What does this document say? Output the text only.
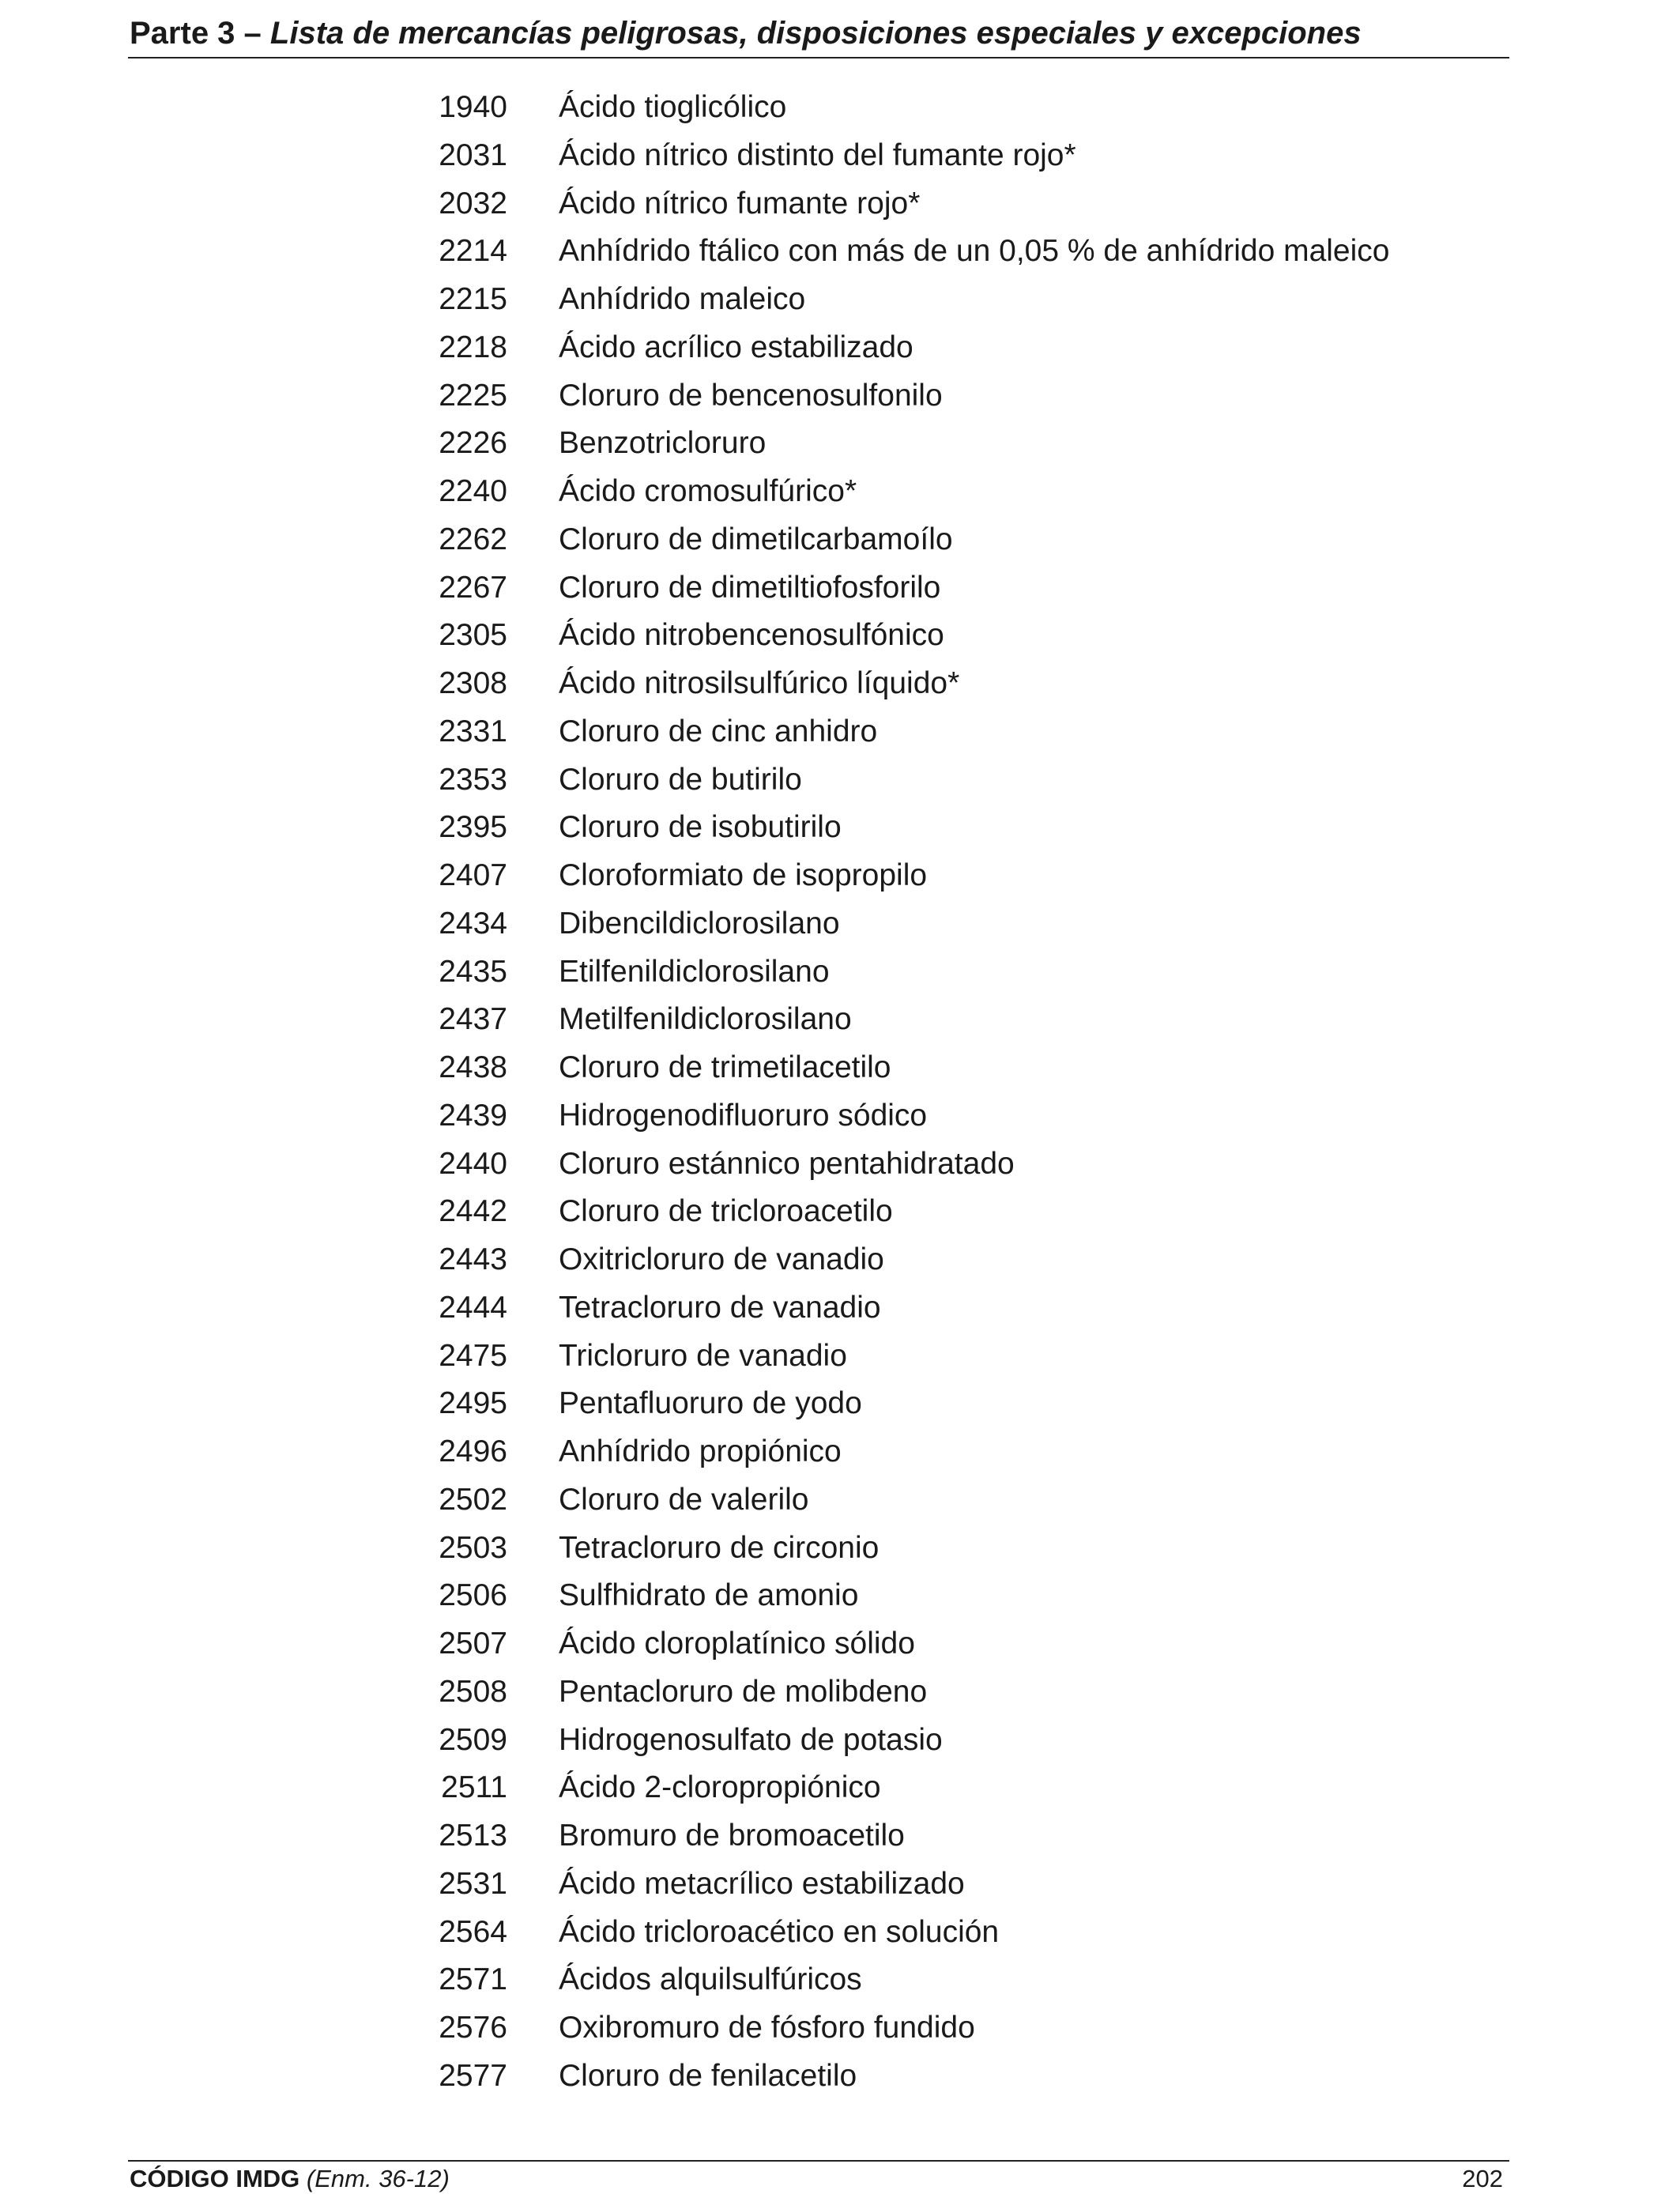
Parte 3 – Lista de mercancías peligrosas, disposiciones especiales y excepciones
1940 Ácido tioglicólico
2031 Ácido nítrico distinto del fumante rojo*
2032 Ácido nítrico fumante rojo*
2214 Anhídrido ftálico con más de un 0,05 % de anhídrido maleico
2215 Anhídrido maleico
2218 Ácido acrílico estabilizado
2225 Cloruro de bencenosulfonilo
2226 Benzotricloruro
2240 Ácido cromosulfúrico*
2262 Cloruro de dimetilcarbamoílo
2267 Cloruro de dimetiltiofosforilo
2305 Ácido nitrobencenosulfónico
2308 Ácido nitrosilsulfúrico líquido*
2331 Cloruro de cinc anhidro
2353 Cloruro de butirilo
2395 Cloruro de isobutirilo
2407 Cloroformiato de isopropilo
2434 Dibencildiclorosilano
2435 Etilfenildiclorosilano
2437 Metilfenildiclorosilano
2438 Cloruro de trimetilacetilo
2439 Hidrogenodifluoruro sódico
2440 Cloruro estánnico pentahidratado
2442 Cloruro de tricloroacetilo
2443 Oxitricloruro de vanadio
2444 Tetracloruro de vanadio
2475 Tricloruro de vanadio
2495 Pentafluoruro de yodo
2496 Anhídrido propiónico
2502 Cloruro de valerilo
2503 Tetracloruro de circonio
2506 Sulfhidrato de amonio
2507 Ácido cloroplatínico sólido
2508 Pentacloruro de molibdeno
2509 Hidrogenosulfato de potasio
2511 Ácido 2-cloropropiónico
2513 Bromuro de bromoacetilo
2531 Ácido metacrílico estabilizado
2564 Ácido tricloroacético en solución
2571 Ácidos alquilsulfúricos
2576 Oxibromuro de fósforo fundido
2577 Cloruro de fenilacetilo
CÓDIGO IMDG (Enm. 36-12)	202
